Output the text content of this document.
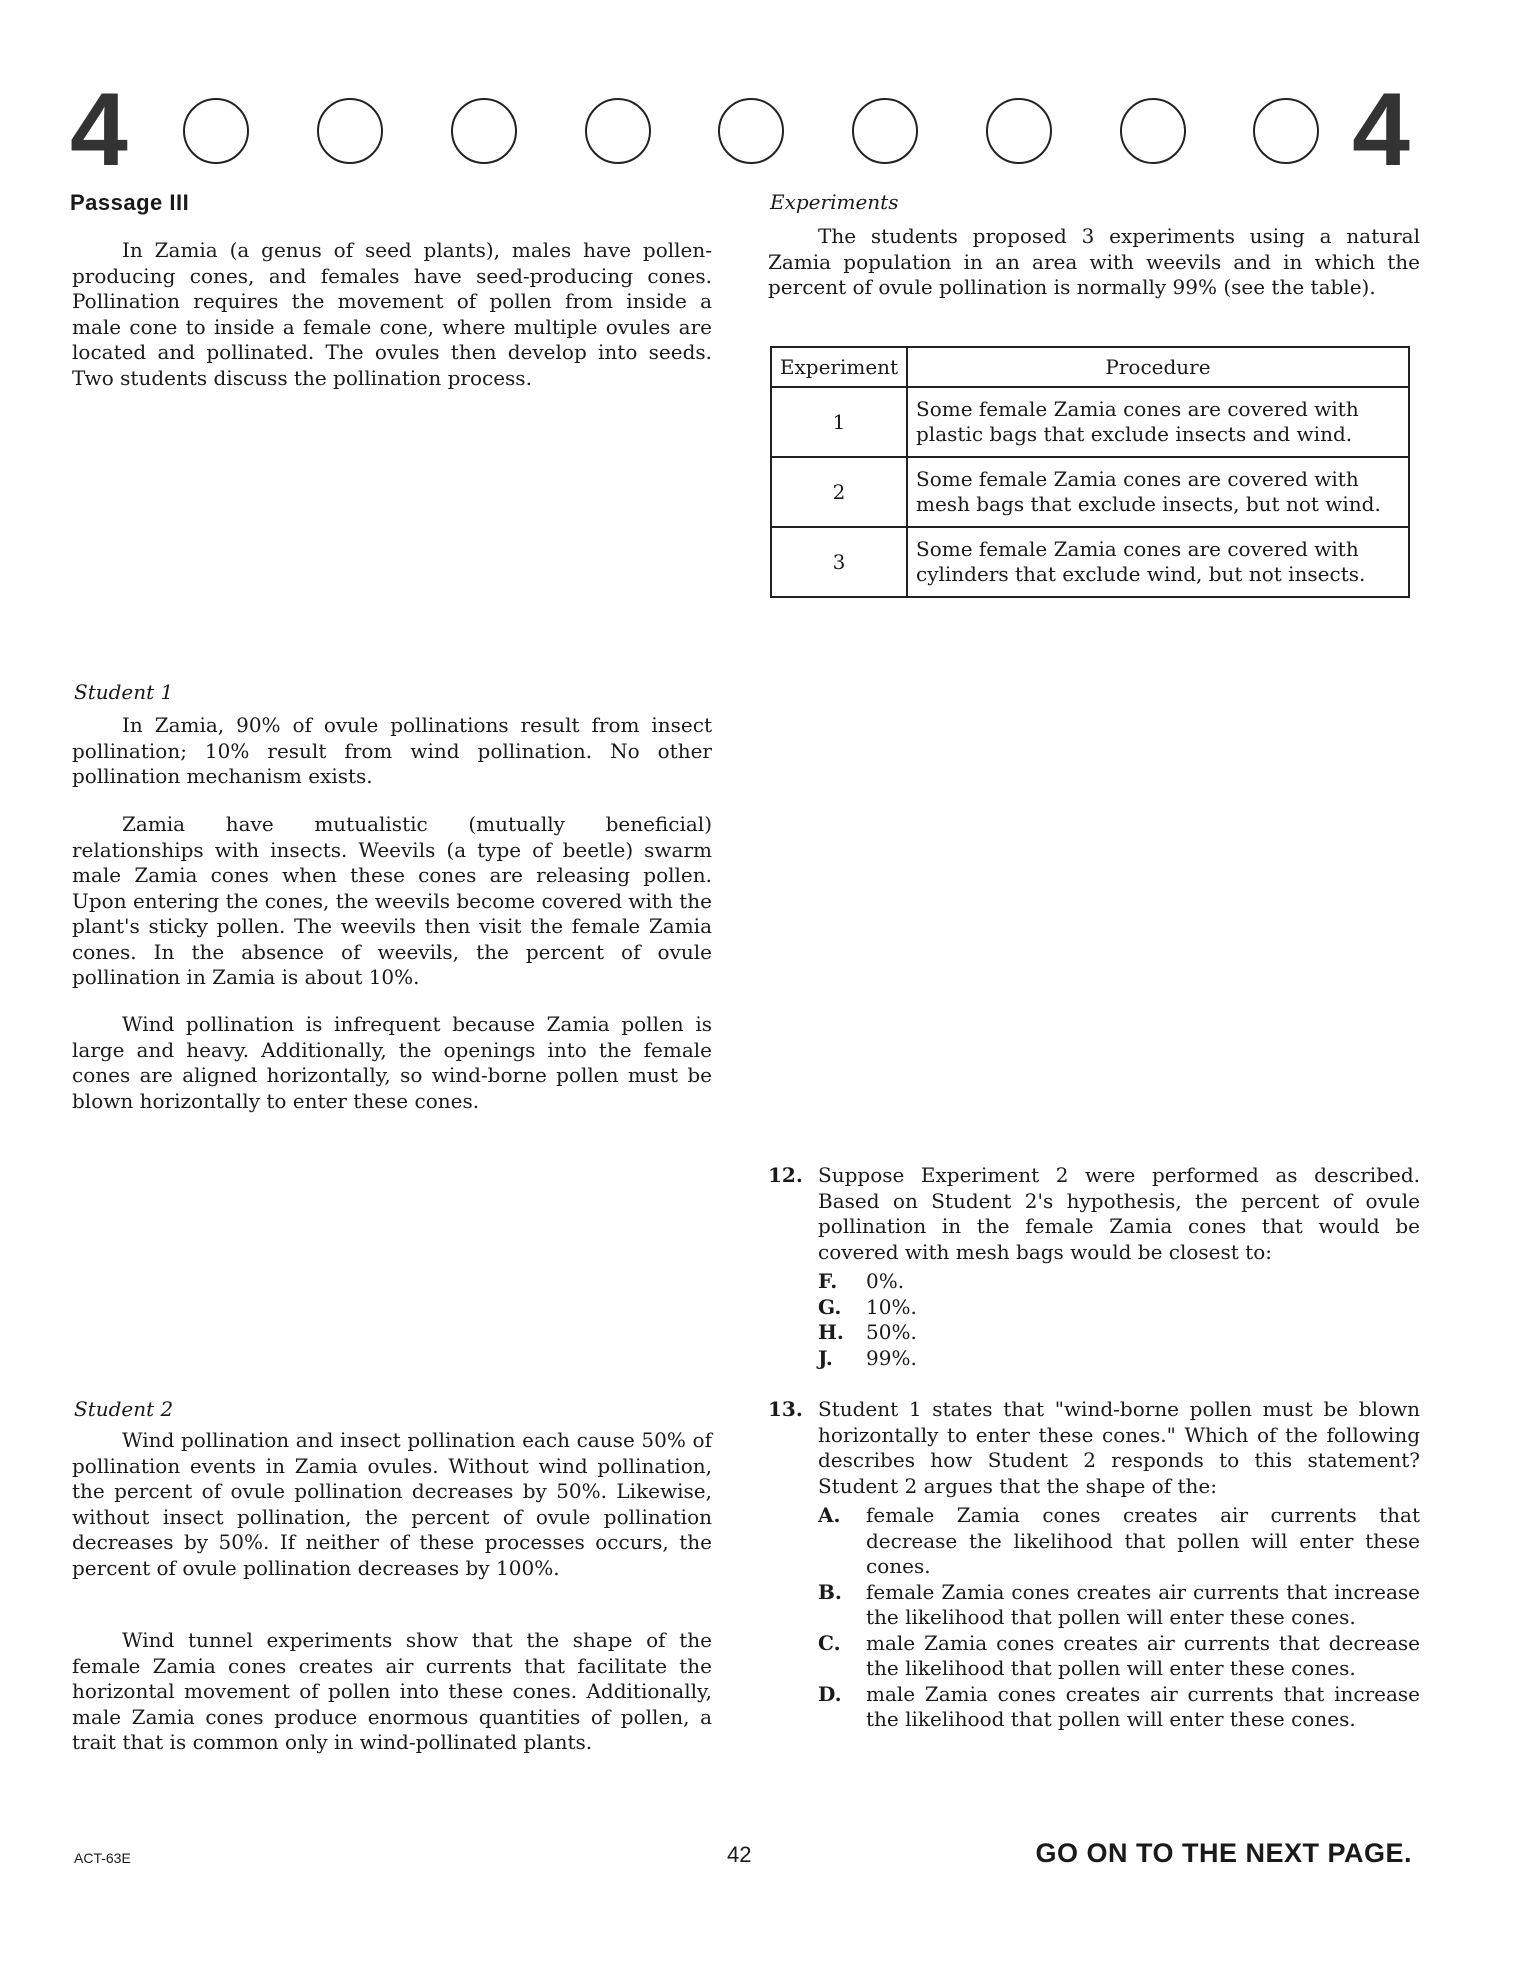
4	4
Passage III

In Zamia (a genus of seed plants), males have pollen-producing cones, and females have seed-producing cones. Pollination requires the movement of pollen from inside a male cone to inside a female cone, where multiple ovules are located and pollinated. The ovules then develop into seeds. Two students discuss the pollination process.

Student 1

In Zamia, 90% of ovule pollinations result from insect pollination; 10% result from wind pollination. No other pollination mechanism exists.

Zamia have mutualistic (mutually beneficial) relationships with insects. Weevils (a type of beetle) swarm male Zamia cones when these cones are releasing pollen. Upon entering the cones, the weevils become covered with the plant's sticky pollen. The weevils then visit the female Zamia cones. In the absence of weevils, the percent of ovule pollination in Zamia is about 10%.

Wind pollination is infrequent because Zamia pollen is large and heavy. Additionally, the openings into the female cones are aligned horizontally, so wind-borne pollen must be blown horizontally to enter these cones.

Student 2

Wind pollination and insect pollination each cause 50% of pollination events in Zamia ovules. Without wind pollination, the percent of ovule pollination decreases by 50%. Likewise, without insect pollination, the percent of ovule pollination decreases by 50%. If neither of these processes occurs, the percent of ovule pollination decreases by 100%.

Wind tunnel experiments show that the shape of the female Zamia cones creates air currents that facilitate the horizontal movement of pollen into these cones. Additionally, male Zamia cones produce enormous quantities of pollen, a trait that is common only in wind-pollinated plants.

Experiments

The students proposed 3 experiments using a natural Zamia population in an area with weevils and in which the percent of ovule pollination is normally 99% (see the table).

Experiment	Procedure
1	Some female Zamia cones are covered with plastic bags that exclude insects and wind.
2	Some female Zamia cones are covered with mesh bags that exclude insects, but not wind.
3	Some female Zamia cones are covered with cylinders that exclude wind, but not insects.
12. Suppose Experiment 2 were performed as described. Based on Student 2's hypothesis, the percent of ovule pollination in the female Zamia cones that would be covered with mesh bags would be closest to:
F.	0%.
G.	10%.
H.	50%.
J.	99%.
13. Student 1 states that "wind-borne pollen must be blown horizontally to enter these cones." Which of the following describes how Student 2 responds to this statement? Student 2 argues that the shape of the:
A.	female Zamia cones creates air currents that decrease the likelihood that pollen will enter these cones.
B.	female Zamia cones creates air currents that increase the likelihood that pollen will enter these cones.
C.	male Zamia cones creates air currents that decrease the likelihood that pollen will enter these cones.
D.	male Zamia cones creates air currents that increase the likelihood that pollen will enter these cones.
ACT-63E	42	GO ON TO THE NEXT PAGE.
